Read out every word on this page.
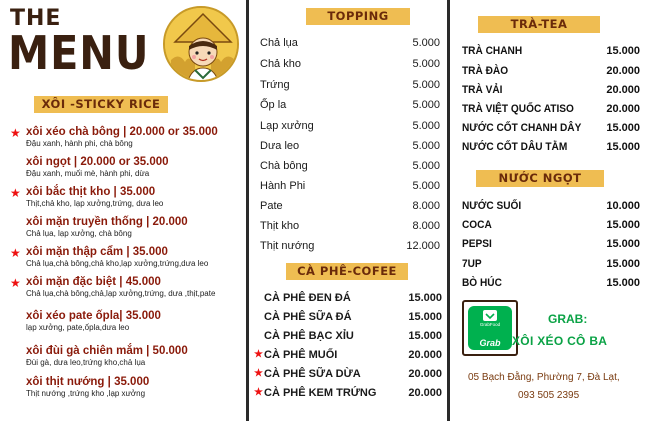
THE
MENU
XÔI -STICKY RICE
TOPPING
CÀ PHÊ-COFEE
TRÀ-TEA
NƯỚC NGỌT
★ xôi xéo chà bông | 20.000 or 35.000
Đậu xanh, hành phi, chà bông
xôi ngọt | 20.000 or 35.000
Đậu xanh, muối mè, hành phi, dừa
★ xôi bắc thịt kho | 35.000
Thịt,chả kho, lạp xưởng,trứng, dưa leo
xôi mặn truyền thống | 20.000
Chả lụa, lạp xưởng, chà bông
★ xôi mặn thập cẩm | 35.000
Chả lụa,chà bông,chả kho,lạp xưởng,trứng,dưa leo
★ xôi mặn đặc biệt | 45.000
Chả lụa,chà bông,chả,lạp xưởng,trứng, dưa ,thịt,pate
xôi xéo pate ốpla| 35.000
lạp xưởng, pate,ốpla,dưa leo
xôi đùi gà chiên mắm | 50.000
Đùi gà, dưa leo,trứng kho,chả lụa
xôi thịt nướng | 35.000
Thịt nướng ,trứng kho ,lạp xưởng
Chả lụa	5.000
Chả kho	5.000
Trứng	5.000
Ốp la	5.000
Lạp xưởng	5.000
Dưa leo	5.000
Chà bông	5.000
Hành Phi	5.000
Pate	8.000
Thịt kho	8.000
Thịt nướng	12.000
CÀ PHÊ ĐEN ĐÁ	15.000
CÀ PHÊ SỮA ĐÁ	15.000
CÀ PHÊ BẠC XỈU	15.000
★ CÀ PHÊ MUỐI	20.000
★ CÀ PHÊ SỮA DỪA	20.000
★ CÀ PHÊ KEM TRỨNG	20.000
TRÀ CHANH	15.000
TRÀ ĐÀO	20.000
TRÀ VẢI	20.000
TRÀ VIỆT QUỐC ATISO	20.000
NƯỚC CỐT CHANH DÂY 15.000
NƯỚC CỐT DÂU TẰM	15.000
NƯỚC SUỐI	10.000
COCA	15.000
PEPSI	15.000
7UP	15.000
BÒ HÚC	15.000
GrabFood
Grab
GRAB:
XÔI XÉO CÔ BA
05 Bạch Đằng, Phường 7, Đà Lạt,
093 505 2395
